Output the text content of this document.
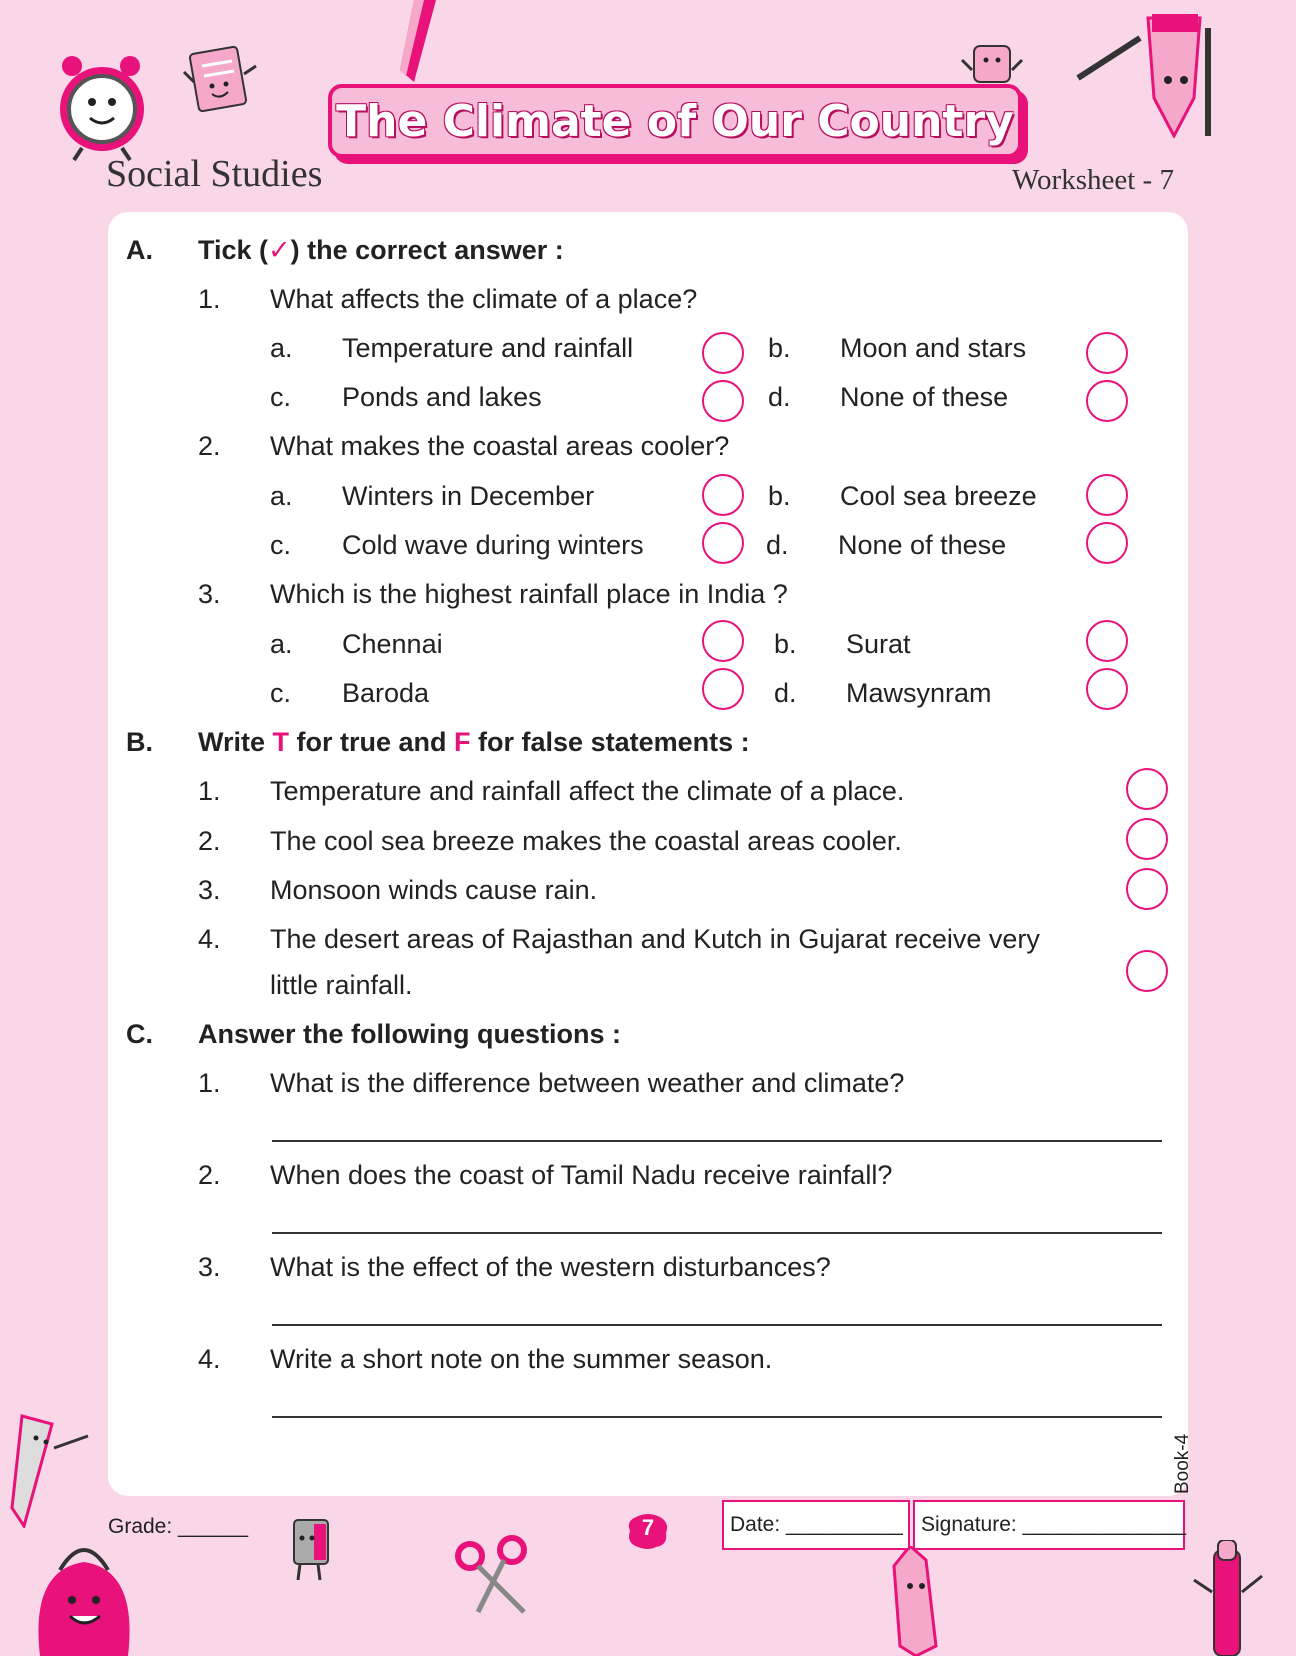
The Climate of Our Country
Social Studies	Worksheet - 7
A. Tick (✓) the correct answer :
1. What affects the climate of a place?
a. Temperature and rainfall	b. Moon and stars
c. Ponds and lakes	d. None of these
2. What makes the coastal areas cooler?
a. Winters in December	b. Cool sea breeze
c. Cold wave during winters	d. None of these
3. Which is the highest rainfall place in India ?
a. Chennai	b. Surat
c. Baroda	d. Mawsynram
B. Write T for true and F for false statements :
1. Temperature and rainfall affect the climate of a place.
2. The cool sea breeze makes the coastal areas cooler.
3. Monsoon winds cause rain.
4. The desert areas of Rajasthan and Kutch in Gujarat receive very
little rainfall.
C. Answer the following questions :
1. What is the difference between weather and climate?
2. When does the coast of Tamil Nadu receive rainfall?
3. What is the effect of the western disturbances?
4. Write a short note on the summer season.
Book-4
Grade: ______	7	Date: __________ Signature: ______________
